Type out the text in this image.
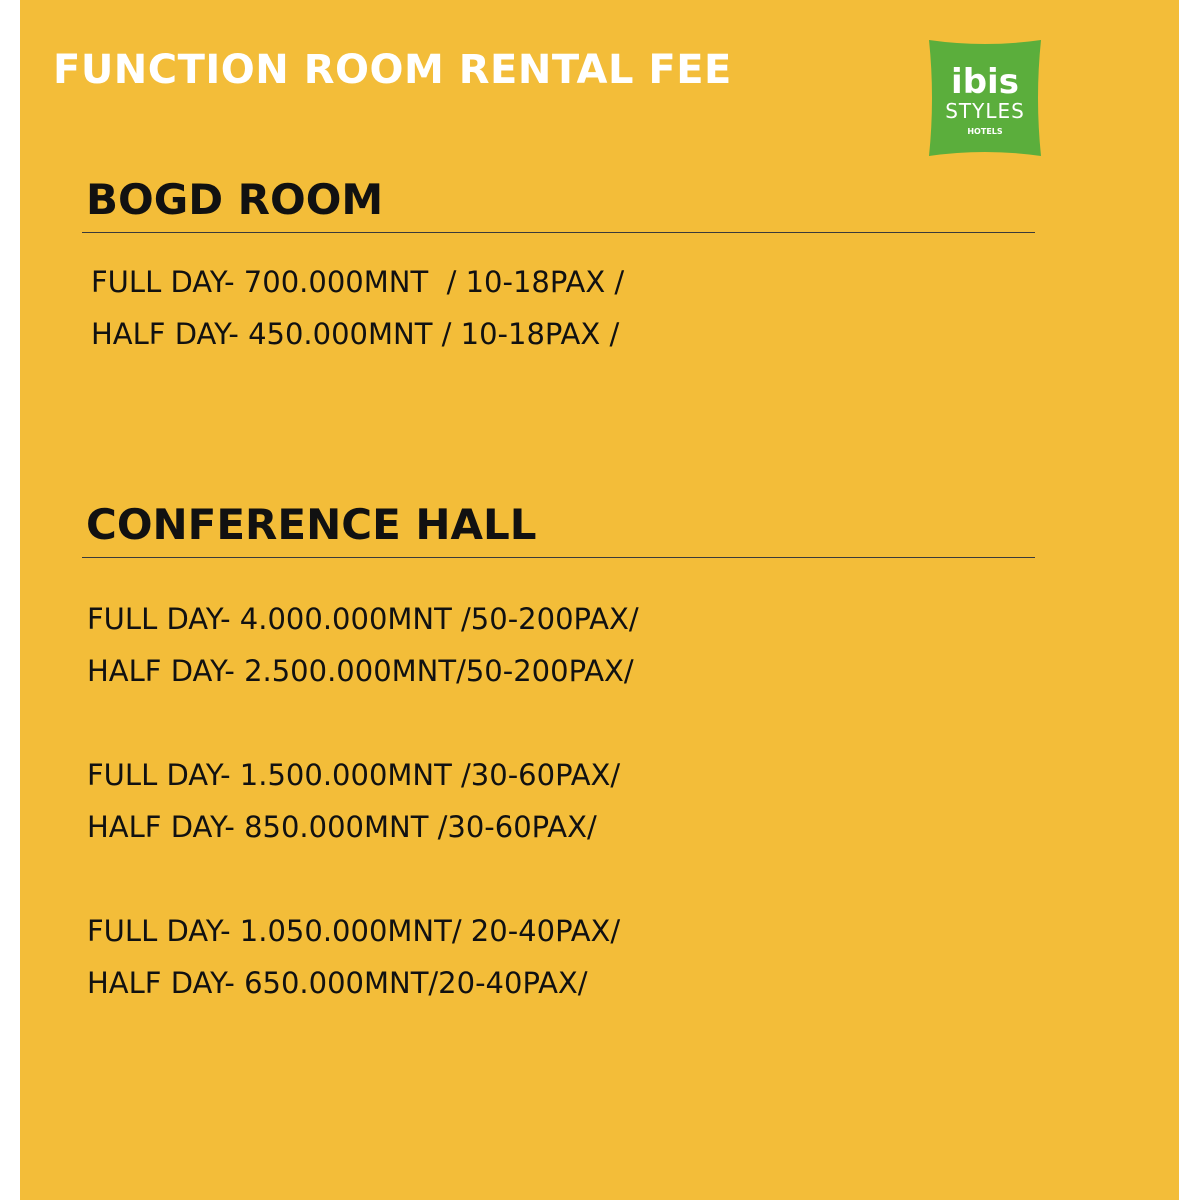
FUNCTION ROOM RENTAL FEE	ibis
STYLES
HOTELS
BOGD ROOM

FULL DAY- 700.000MNT  / 10-18PAX /

HALF DAY- 450.000MNT / 10-18PAX /

CONFERENCE HALL

FULL DAY- 4.000.000MNT /50-200PAX/

HALF DAY- 2.500.000MNT/50-200PAX/

FULL DAY- 1.500.000MNT /30-60PAX/

HALF DAY- 850.000MNT /30-60PAX/

FULL DAY- 1.050.000MNT/ 20-40PAX/

HALF DAY- 650.000MNT/20-40PAX/
